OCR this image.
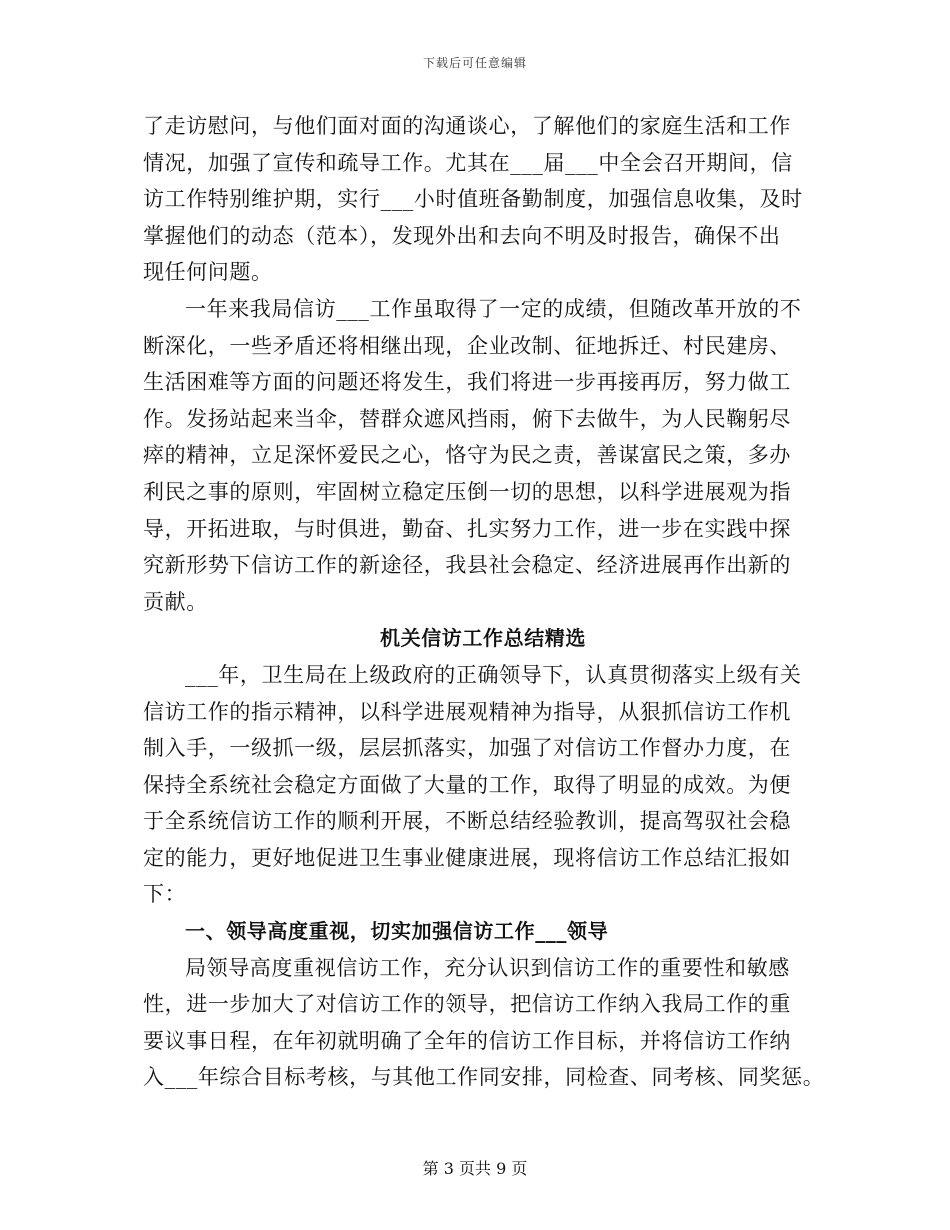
下载后可任意编辑
了走访慰问，与他们面对面的沟通谈心，了解他们的家庭生活和工作
情况，加强了宣传和疏导工作。尤其在___届___中全会召开期间，信
访工作特别维护期，实行___小时值班备勤制度，加强信息收集，及时
掌握他们的动态（范本），发现外出和去向不明及时报告，确保不出
现任何问题。
一年来我局信访___工作虽取得了一定的成绩，但随改革开放的不
断深化，一些矛盾还将相继出现，企业改制、征地拆迁、村民建房、
生活困难等方面的问题还将发生，我们将进一步再接再厉，努力做工
作。发扬站起来当伞，替群众遮风挡雨，俯下去做牛，为人民鞠躬尽
瘁的精神，立足深怀爱民之心，恪守为民之责，善谋富民之策，多办
利民之事的原则，牢固树立稳定压倒一切的思想，以科学进展观为指
导，开拓进取，与时俱进，勤奋、扎实努力工作，进一步在实践中探
究新形势下信访工作的新途径，我县社会稳定、经济进展再作出新的
贡献。
机关信访工作总结精选
___年，卫生局在上级政府的正确领导下，认真贯彻落实上级有关
信访工作的指示精神，以科学进展观精神为指导，从狠抓信访工作机
制入手，一级抓一级，层层抓落实，加强了对信访工作督办力度，在
保持全系统社会稳定方面做了大量的工作，取得了明显的成效。为便
于全系统信访工作的顺利开展，不断总结经验教训，提高驾驭社会稳
定的能力，更好地促进卫生事业健康进展，现将信访工作总结汇报如
下：
一、领导高度重视，切实加强信访工作___领导
局领导高度重视信访工作，充分认识到信访工作的重要性和敏感
性，进一步加大了对信访工作的领导，把信访工作纳入我局工作的重
要议事日程，在年初就明确了全年的信访工作目标，并将信访工作纳
入___年综合目标考核，与其他工作同安排，同检查、同考核、同奖惩。
第 3 页共 9 页
